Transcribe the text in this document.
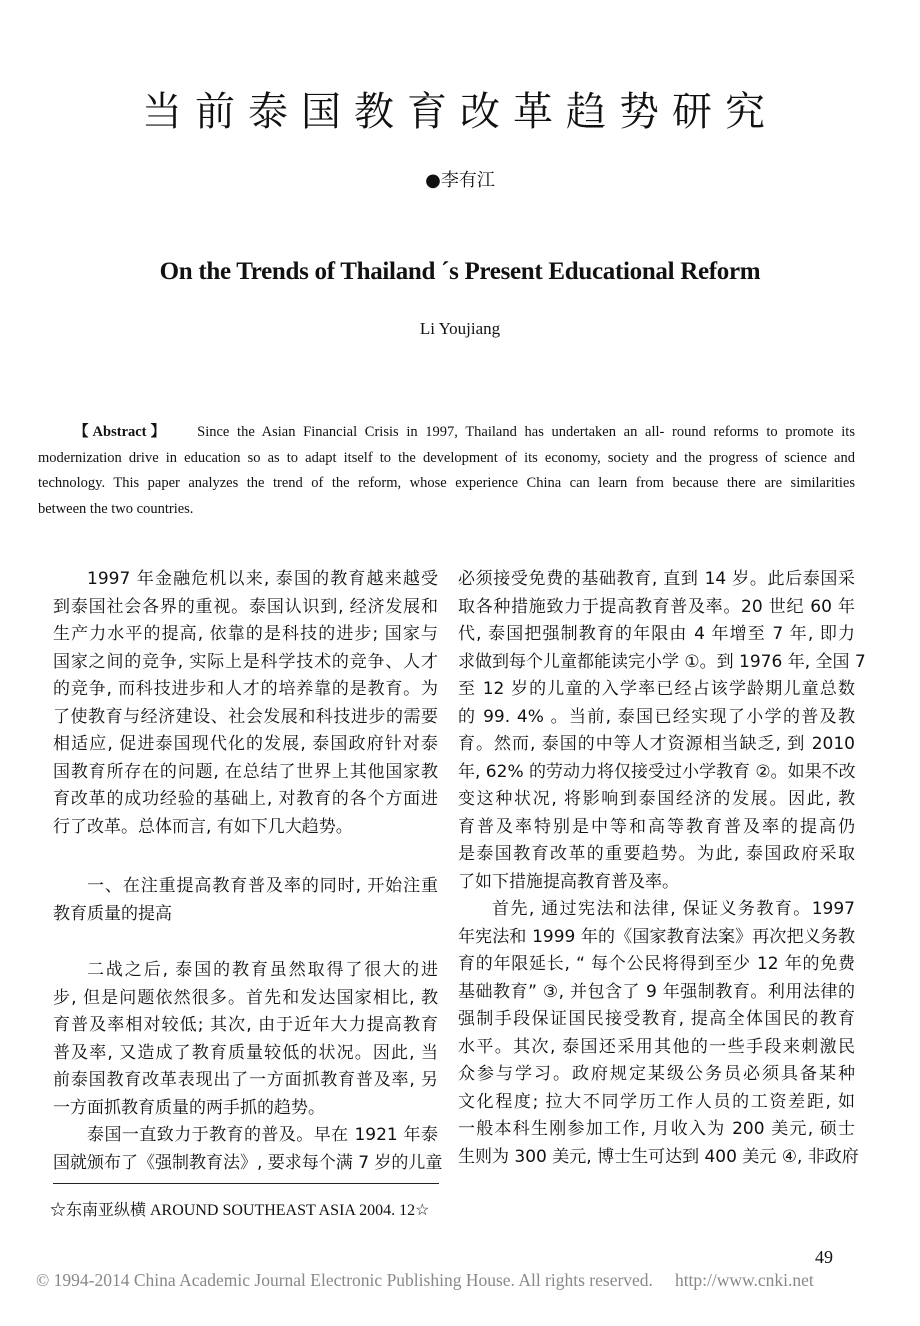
当前泰国教育改革趋势研究
●李有江
On the Trends of Thailand ´s Present Educational Reform
Li Youjiang
【Abstract】 Since the Asian Financial Crisis in 1997, Thailand has undertaken an all- round reforms to promote its
modernization drive in education so as to adapt itself to the development of its economy, society and the progress of science and
technology. This paper analyzes the trend of the reform, whose experience China can learn from because there are similarities
between the two countries.
1997 年金融危机以来, 泰国的教育越来越受
到泰国社会各界的重视。泰国认识到, 经济发展和
生产力水平的提高, 依靠的是科技的进步; 国家与
国家之间的竞争, 实际上是科学技术的竞争、人才
的竞争, 而科技进步和人才的培养靠的是教育。为
了使教育与经济建设、社会发展和科技进步的需要
相适应, 促进泰国现代化的发展, 泰国政府针对泰
国教育所存在的问题, 在总结了世界上其他国家教
育改革的成功经验的基础上, 对教育的各个方面进
行了改革。总体而言, 有如下几大趋势。
一、在注重提高教育普及率的同时, 开始注重
教育质量的提高
二战之后, 泰国的教育虽然取得了很大的进
步, 但是问题依然很多。首先和发达国家相比, 教
育普及率相对较低; 其次, 由于近年大力提高教育
普及率, 又造成了教育质量较低的状况。因此, 当
前泰国教育改革表现出了一方面抓教育普及率, 另
一方面抓教育质量的两手抓的趋势。
泰国一直致力于教育的普及。早在 1921 年泰
国就颁布了《强制教育法》, 要求每个满 7 岁的儿童
必须接受免费的基础教育, 直到 14 岁。此后泰国采
取各种措施致力于提高教育普及率。20 世纪 60 年
代, 泰国把强制教育的年限由 4 年增至 7 年, 即力
求做到每个儿童都能读完小学 ①。到 1976 年, 全国 7
至 12 岁的儿童的入学率已经占该学龄期儿童总数
的 99. 4% 。当前, 泰国已经实现了小学的普及教
育。然而, 泰国的中等人才资源相当缺乏, 到 2010
年, 62% 的劳动力将仅接受过小学教育 ②。如果不改
变这种状况, 将影响到泰国经济的发展。因此, 教
育普及率特别是中等和高等教育普及率的提高仍
是泰国教育改革的重要趋势。为此, 泰国政府采取
了如下措施提高教育普及率。
首先, 通过宪法和法律, 保证义务教育。1997
年宪法和 1999 年的《国家教育法案》再次把义务教
育的年限延长, “ 每个公民将得到至少 12 年的免费
基础教育” ③, 并包含了 9 年强制教育。利用法律的
强制手段保证国民接受教育, 提高全体国民的教育
水平。其次, 泰国还采用其他的一些手段来刺激民
众参与学习。政府规定某级公务员必须具备某种
文化程度; 拉大不同学历工作人员的工资差距, 如
一般本科生刚参加工作, 月收入为 200 美元, 硕士
生则为 300 美元, 博士生可达到 400 美元 ④, 非政府
☆东南亚纵横 AROUND SOUTHEAST ASIA 2004. 12☆
49
© 1994-2014 China Academic Journal Electronic Publishing House. All rights reserved. http://www.cnki.net
